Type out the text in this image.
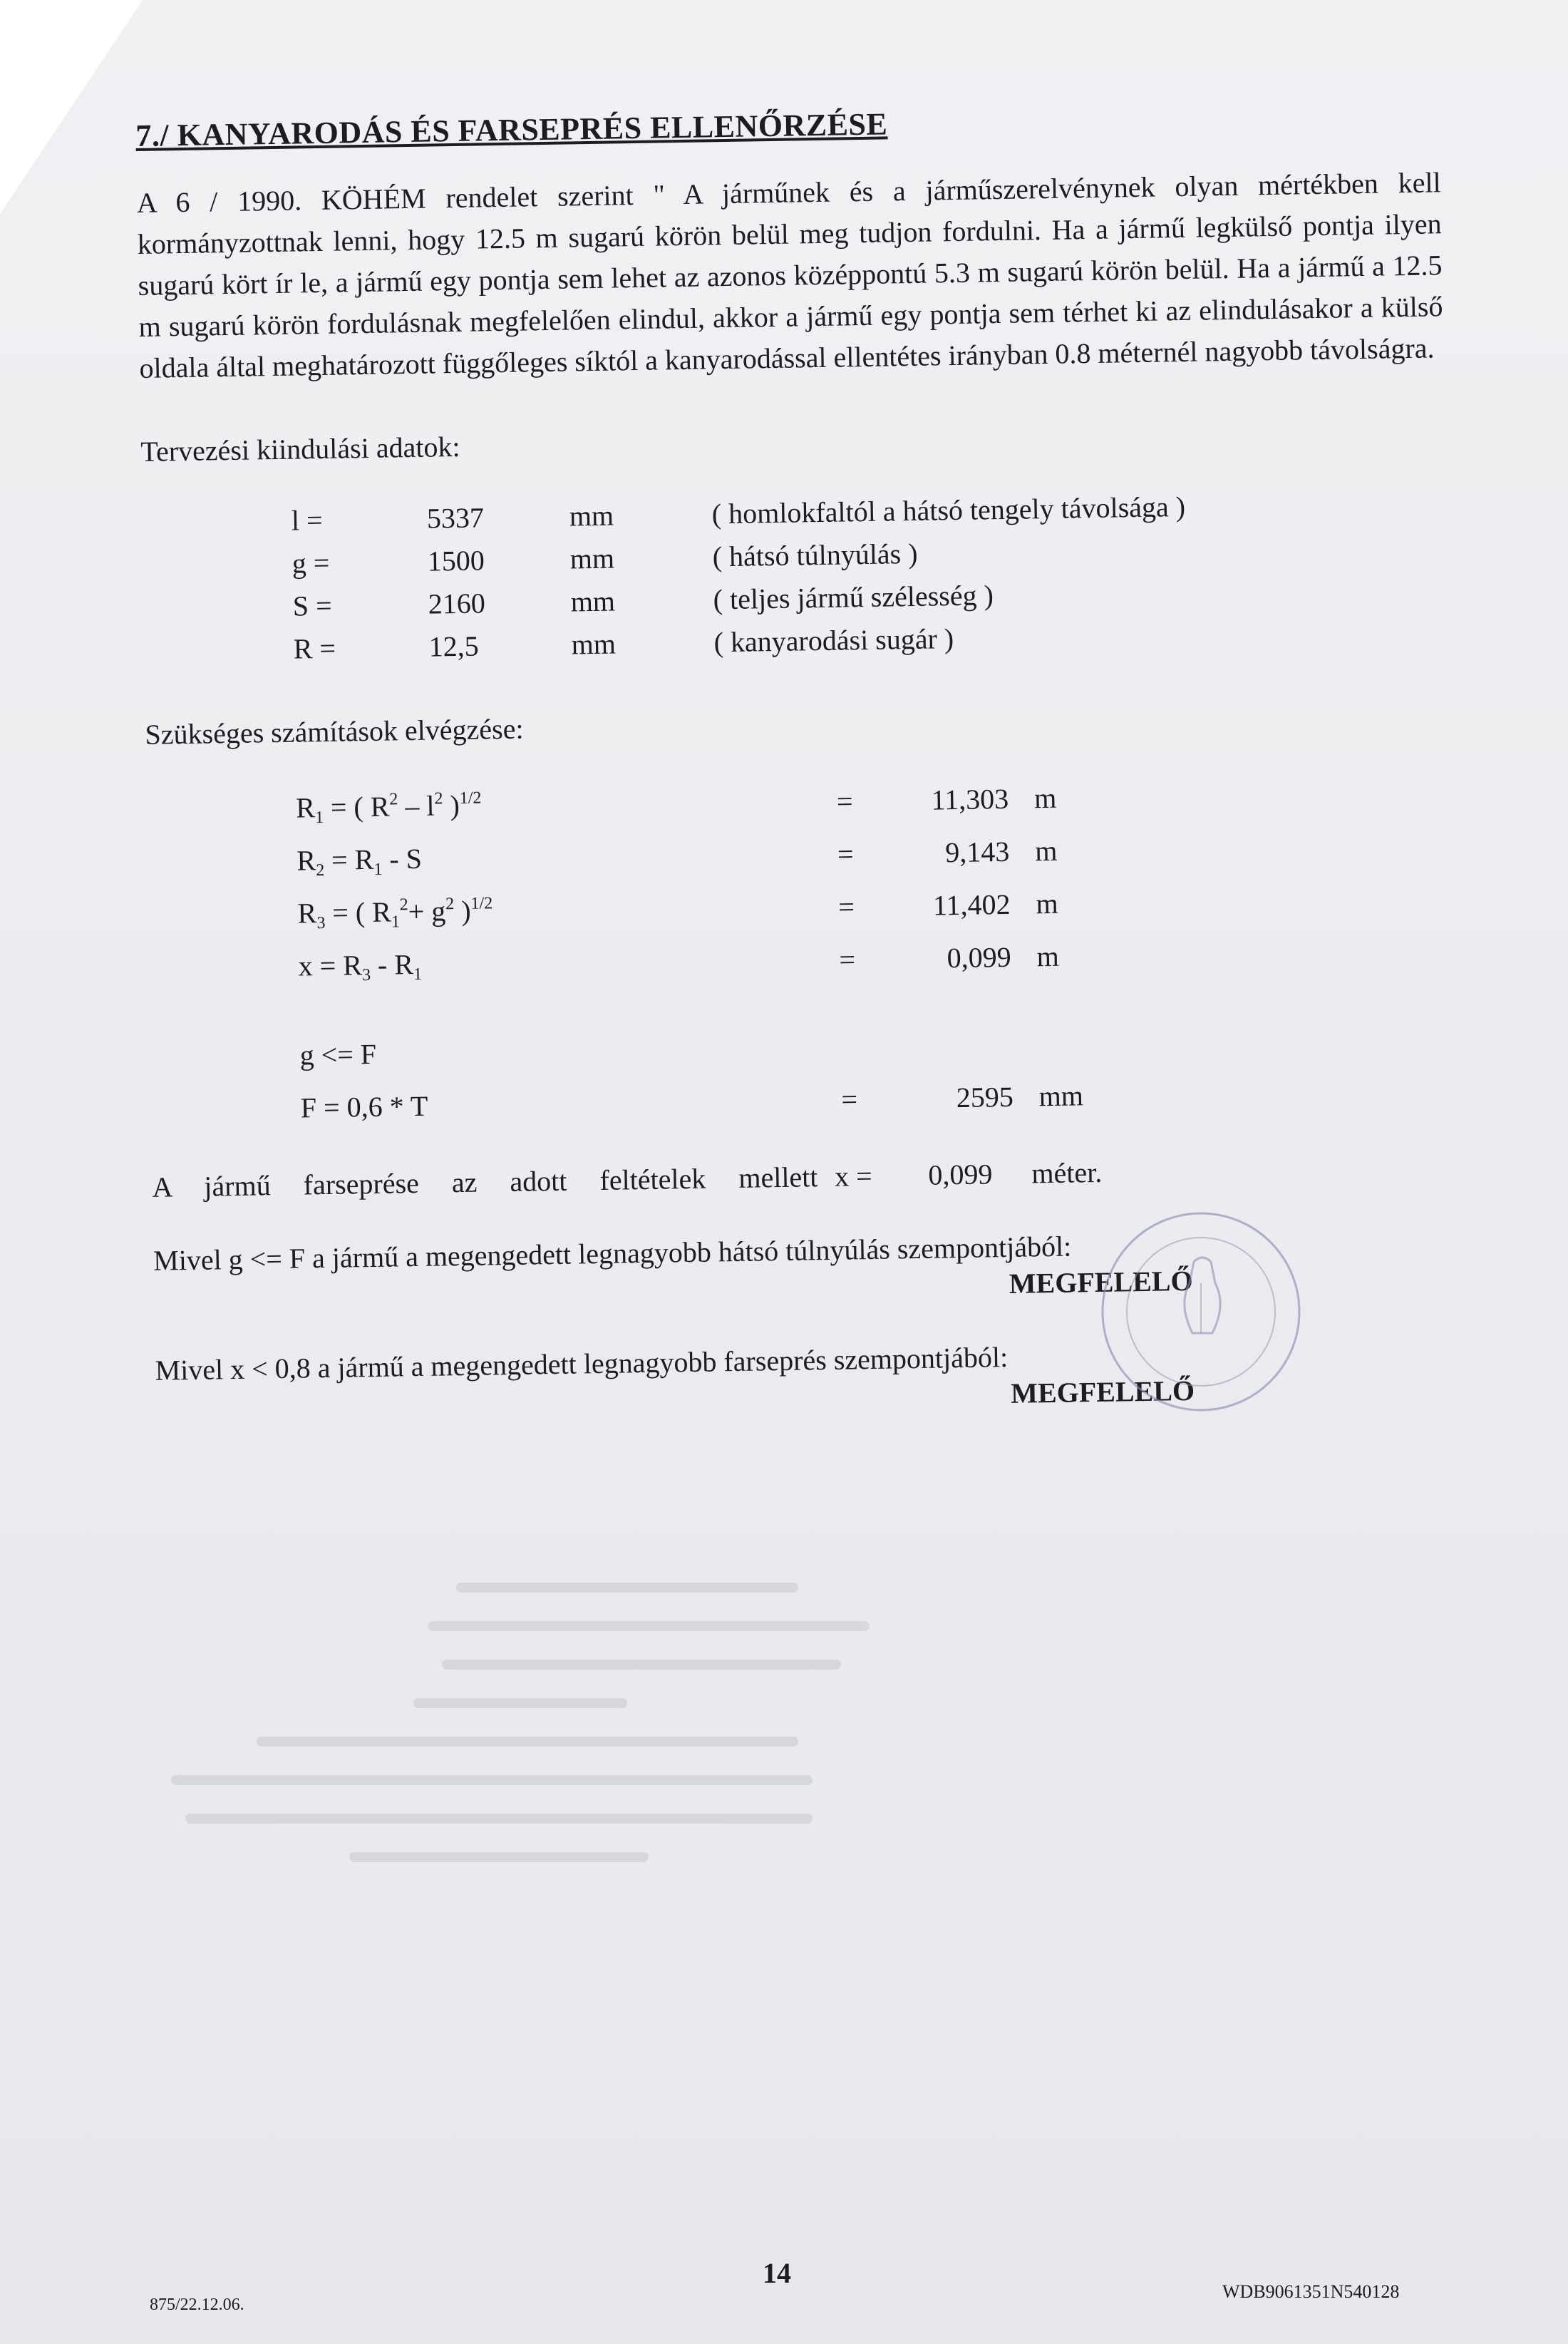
7./ KANYARODÁS ÉS FARSEPRÉS ELLENŐRZÉSE

A 6 / 1990. KÖHÉM rendelet szerint " A járműnek és a járműszerelvénynek olyan mértékben kell kormányzottnak lenni, hogy 12.5 m sugarú körön belül meg tudjon fordulni. Ha a jármű legkülső pontja ilyen sugarú kört ír le, a jármű egy pontja sem lehet az azonos középpontú 5.3 m sugarú körön belül. Ha a jármű a 12.5 m sugarú körön fordulásnak megfelelően elindul, akkor a jármű egy pontja sem térhet ki az elindulásakor a külső oldala által meghatározott függőleges síktól a kanyarodással ellentétes irányban 0.8 méternél nagyobb távolságra.

Tervezési kiindulási adatok:
l =	5337	mm	( homlokfaltól a hátsó tengely távolsága )
g =	1500	mm	( hátsó túlnyúlás )
S =	2160	mm	( teljes jármű szélesség )
R =	12,5	mm	( kanyarodási sugár )
Szükséges számítások elvégzése:
$R_1$ = ( $R^2 - l^2$ )$^{1/2}$	=	11,303 m
$R_2 = R_1 - S$	=	9,143 m
$R_3$ = ( $R_1^2+ g^2$ )$^{1/2}$	=	11,402 m
$x = R_3 - R_1$	=	0,099 m
g <= F
F = 0,6 * T	=	2595 mm
A jármű farseprése az adott feltételek mellett x =	0,099	méter.
Mivel g <= F a jármű a megengedett legnagyobb hátsó túlnyúlás szempontjából:
MEGFELELŐ
Mivel x < 0,8 a jármű a megengedett legnagyobb farseprés szempontjából:
MEGFELELŐ
875/22.12.06.
14
WDB9061351N540128
